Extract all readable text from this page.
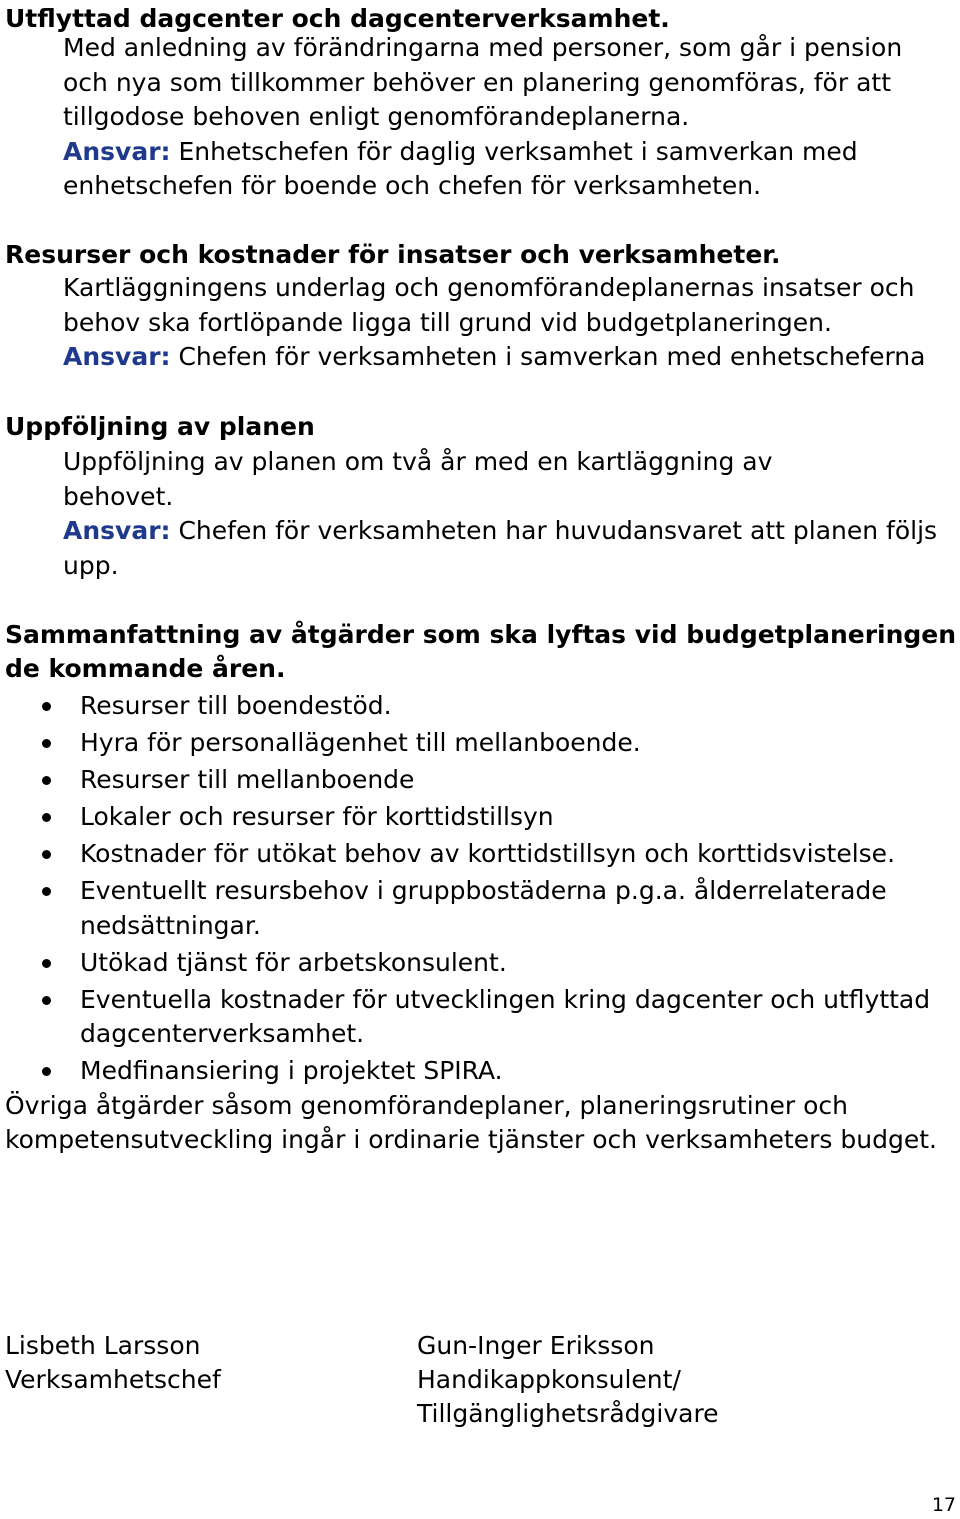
Utflyttad dagcenter och dagcenterverksamhet.

Med anledning av förändringarna med personer, som går i pension och nya som tillkommer behöver en planering genomföras, för att tillgodose behoven enligt genomförandeplanerna.

Ansvar: Enhetschefen för daglig verksamhet i samverkan med enhetschefen för boende och chefen för verksamheten.

Resurser och kostnader för insatser och verksamheter.

Kartläggningens underlag och genomförandeplanernas insatser och behov ska fortlöpande ligga till grund vid budgetplaneringen.

Ansvar: Chefen för verksamheten i samverkan med enhetscheferna

Uppföljning av planen

Uppföljning av planen om två år med en kartläggning av behovet.

Ansvar: Chefen för verksamheten har huvudansvaret att planen följs upp.

Sammanfattning av åtgärder som ska lyftas vid budgetplaneringen
de kommande åren.
Resurser till boendestöd.
Hyra för personallägenhet till mellanboende.
Resurser till mellanboende
Lokaler och resurser för korttidstillsyn
Kostnader för utökat behov av korttidstillsyn och korttidsvistelse.
Eventuellt resursbehov i gruppbostäderna p.g.a. ålderrelaterade nedsättningar.
Utökad tjänst för arbetskonsulent.
Eventuella kostnader för utvecklingen kring dagcenter och utflyttad dagcenterverksamhet.
Medfinansiering i projektet SPIRA.

Övriga åtgärder såsom genomförandeplaner, planeringsrutiner och

kompetensutveckling ingår i ordinarie tjänster och verksamheters budget.

Lisbeth Larsson
Verksamhetschef
Gun-Inger Eriksson
Handikappkonsulent/
Tillgänglighetsrådgivare
17
